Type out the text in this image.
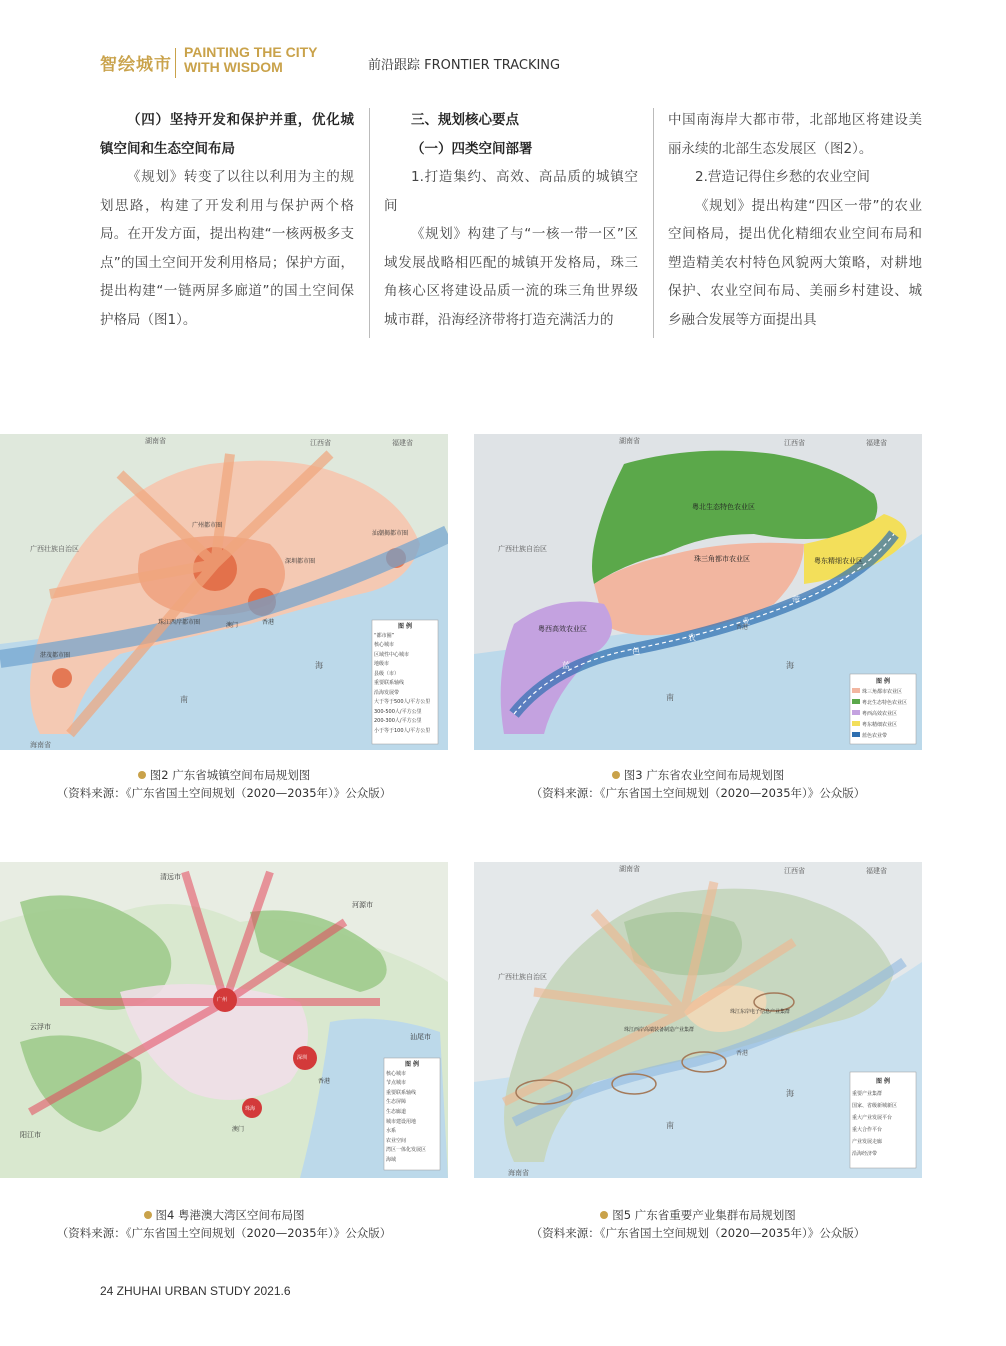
智绘城市
PAINTING THE CITY
WITH WISDOM	前沿跟踪 FRONTIER TRACKING

（四）坚持开发和保护并重，优化城镇空间和生态空间布局

《规划》转变了以往以利用为主的规划思路，构建了开发利用与保护两个格局。在开发方面，提出构建“一核两极多支点”的国土空间开发利用格局；保护方面，提出构建“一链两屏多廊道”的国土空间保护格局（图1）。

三、规划核心要点

（一）四类空间部署

1.打造集约、高效、高品质的城镇空间

《规划》构建了与“一核一带一区”区域发展战略相匹配的城镇开发格局，珠三角核心区将建设品质一流的珠三角世界级城市群，沿海经济带将打造充满活力的

中国南海岸大都市带，北部地区将建设美丽永续的北部生态发展区（图2）。

2.营造记得住乡愁的农业空间

《规划》提出构建“四区一带”的农业空间格局，提出优化精细农业空间布局和塑造精美农村特色风貌两大策略，对耕地保护、农业空间布局、美丽乡村建设、城乡融合发展等方面提出具

湖南省	江西省	福建省
广西壮族自治区
海南省
南
海
广州都市圈
深圳都市圈
汕潮揭都市圈
珠江西岸都市圈
湛茂都市圈
香港
澳门	图 例
“都市圈”
核心城市
区域性中心城市
地级市
县级（市）
重要联系轴线
沿海发展带
大于等于500人/平方公里
300-500人/平方公里
200-300人/平方公里
小于等于100人/平方公里
图2 广东省城镇空间布局规划图
（资料来源：《广东省国土空间规划（2020—2035年）》公众版）
湖南省	江西省	福建省
广西壮族自治区
粤北生态特色农业区
珠三角都市农业区	粤东精细农业区
粤西高效农业区
蓝
色
农
业
带
南
海
香港
图 例
珠三角都市农业区
粤北生态特色农业区
粤西高效农业区
粤东精细农业区
蓝色农业带
图3 广东省农业空间布局规划图
（资料来源：《广东省国土空间规划（2020—2035年）》公众版）
清远市
河源市
云浮市
阳江市
汕尾市
广州
深圳
珠海
香港
澳门
图 例
核心城市
节点城市
重要联系轴线
生态屏障
生态廊道
城市建设用地
水系
农业空间
湾区一体化发展区
海域
图4 粤港澳大湾区空间布局图
（资料来源：《广东省国土空间规划（2020—2035年）》公众版）
湖南省	江西省	福建省
广西壮族自治区
海南省
南
海
香港
珠江东岸电子信息产业集群
珠江西岸高端装备制造产业集群
图 例
重要产业集群
国家、省级新城新区
重大产业发展平台
重大合作平台
产业发展走廊
沿海经济带
图5 广东省重要产业集群布局规划图
（资料来源：《广东省国土空间规划（2020—2035年）》公众版）
24 ZHUHAI URBAN STUDY 2021.6
